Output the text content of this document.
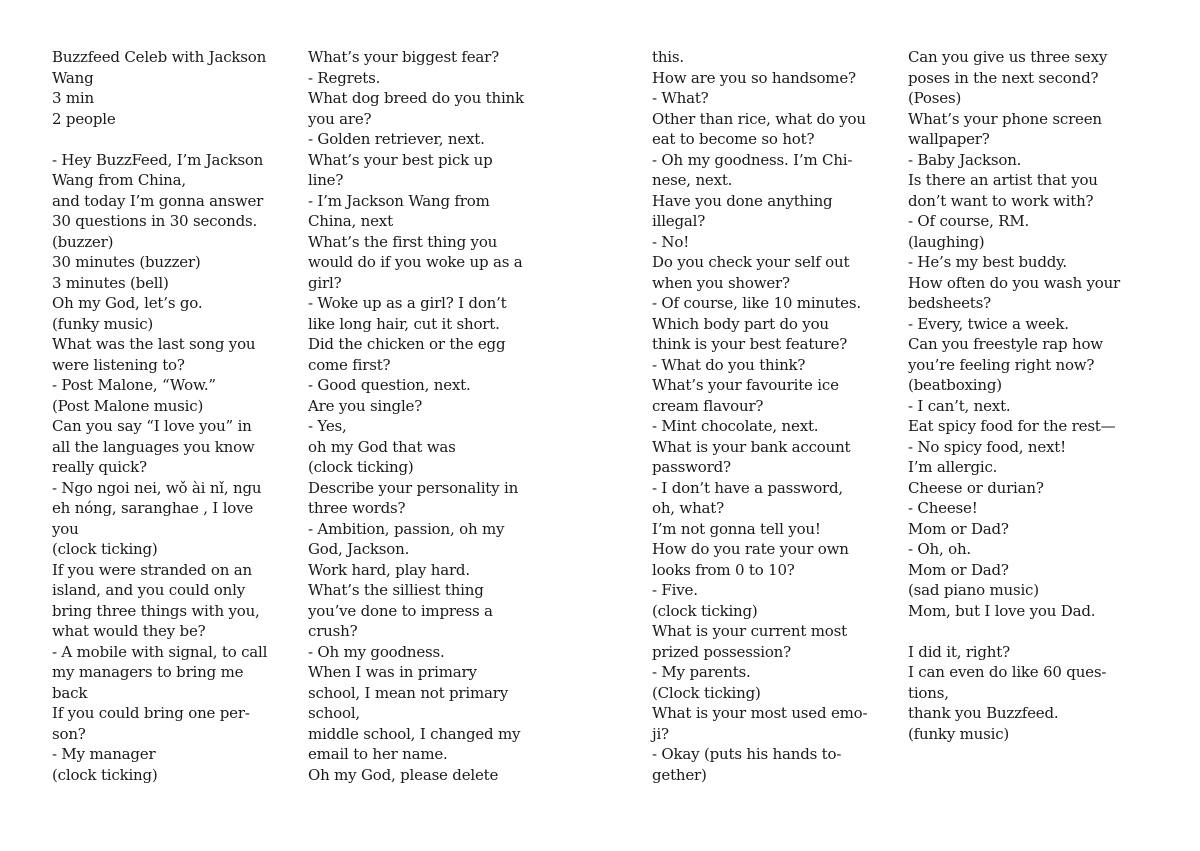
Buzzfeed Celeb with Jackson
Wang
3 min
2 people
- Hey BuzzFeed, I’m Jackson
Wang from China,
and today I’m gonna answer
30 questions in 30 seconds.
(buzzer)
30 minutes (buzzer)
3 minutes (bell)
Oh my God, let’s go.
(funky music)
What was the last song you
were listening to?
- Post Malone, “Wow.”
(Post Malone music)
Can you say “I love you” in
all the languages you know
really quick?
- Ngo ngoi nei, wǒ ài nǐ, ngu
eh nóng, saranghae , I love
you
(clock ticking)
If you were stranded on an
island, and you could only
bring three things with you,
what would they be?
- A mobile with signal, to call
my managers to bring me
back
If you could bring one per-
son?
- My manager
(clock ticking)
What’s your biggest fear?
- Regrets.
What dog breed do you think
you are?
- Golden retriever, next.
What’s your best pick up
line?
- I’m Jackson Wang from
China, next
What’s the first thing you
would do if you woke up as a
girl?
- Woke up as a girl? I don’t
like long hair, cut it short.
Did the chicken or the egg
come first?
- Good question, next.
Are you single?
- Yes,
oh my God that was
(clock ticking)
Describe your personality in
three words?
- Ambition, passion, oh my
God, Jackson.
Work hard, play hard.
What’s the silliest thing
you’ve done to impress a
crush?
- Oh my goodness.
When I was in primary
school, I mean not primary
school,
middle school, I changed my
email to her name.
Oh my God, please delete
this.
How are you so handsome?
- What?
Other than rice, what do you
eat to become so hot?
- Oh my goodness. I’m Chi-
nese, next.
Have you done anything
illegal?
- No!
Do you check your self out
when you shower?
- Of course, like 10 minutes.
Which body part do you
think is your best feature?
- What do you think?
What’s your favourite ice
cream flavour?
- Mint chocolate, next.
What is your bank account
password?
- I don’t have a password,
oh, what?
I’m not gonna tell you!
How do you rate your own
looks from 0 to 10?
- Five.
(clock ticking)
What is your current most
prized possession?
- My parents.
(Clock ticking)
What is your most used emo-
ji?
- Okay (puts his hands to-
gether)
Can you give us three sexy
poses in the next second?
(Poses)
What’s your phone screen
wallpaper?
- Baby Jackson.
Is there an artist that you
don’t want to work with?
- Of course, RM.
(laughing)
- He’s my best buddy.
How often do you wash your
bedsheets?
- Every, twice a week.
Can you freestyle rap how
you’re feeling right now?
(beatboxing)
- I can’t, next.
Eat spicy food for the rest—
- No spicy food, next!
I’m allergic.
Cheese or durian?
- Cheese!
Mom or Dad?
- Oh, oh.
Mom or Dad?
(sad piano music)
Mom, but I love you Dad.
I did it, right?
I can even do like 60 ques-
tions,
thank you Buzzfeed.
(funky music)
